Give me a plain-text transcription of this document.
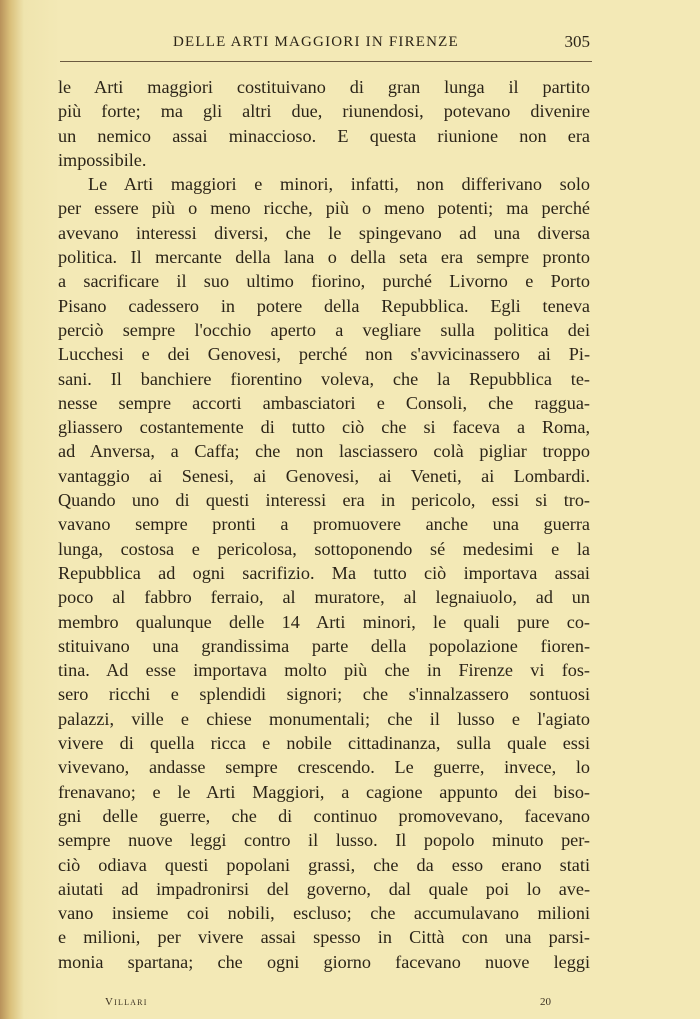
DELLE ARTI MAGGIORI IN FIRENZE	305
le Arti maggiori costituivano di gran lunga il partito
più forte; ma gli altri due, riunendosi, potevano divenire
un nemico assai minaccioso. E questa riunione non era
impossibile.
Le Arti maggiori e minori, infatti, non differivano solo
per essere più o meno ricche, più o meno potenti; ma perché
avevano interessi diversi, che le spingevano ad una diversa
politica. Il mercante della lana o della seta era sempre pronto
a sacrificare il suo ultimo fiorino, purché Livorno e Porto
Pisano cadessero in potere della Repubblica. Egli teneva
perciò sempre l'occhio aperto a vegliare sulla politica dei
Lucchesi e dei Genovesi, perché non s'avvicinassero ai Pi-
sani. Il banchiere fiorentino voleva, che la Repubblica te-
nesse sempre accorti ambasciatori e Consoli, che raggua-
gliassero costantemente di tutto ciò che si faceva a Roma,
ad Anversa, a Caffa; che non lasciassero colà pigliar troppo
vantaggio ai Senesi, ai Genovesi, ai Veneti, ai Lombardi.
Quando uno di questi interessi era in pericolo, essi si tro-
vavano sempre pronti a promuovere anche una guerra
lunga, costosa e pericolosa, sottoponendo sé medesimi e la
Repubblica ad ogni sacrifizio. Ma tutto ciò importava assai
poco al fabbro ferraio, al muratore, al legnaiuolo, ad un
membro qualunque delle 14 Arti minori, le quali pure co-
stituivano una grandissima parte della popolazione fioren-
tina. Ad esse importava molto più che in Firenze vi fos-
sero ricchi e splendidi signori; che s'innalzassero sontuosi
palazzi, ville e chiese monumentali; che il lusso e l'agiato
vivere di quella ricca e nobile cittadinanza, sulla quale essi
vivevano, andasse sempre crescendo. Le guerre, invece, lo
frenavano; e le Arti Maggiori, a cagione appunto dei biso-
gni delle guerre, che di continuo promovevano, facevano
sempre nuove leggi contro il lusso. Il popolo minuto per-
ciò odiava questi popolani grassi, che da esso erano stati
aiutati ad impadronirsi del governo, dal quale poi lo ave-
vano insieme coi nobili, escluso; che accumulavano milioni
e milioni, per vivere assai spesso in Città con una parsi-
monia spartana; che ogni giorno facevano nuove leggi
Villari	20
